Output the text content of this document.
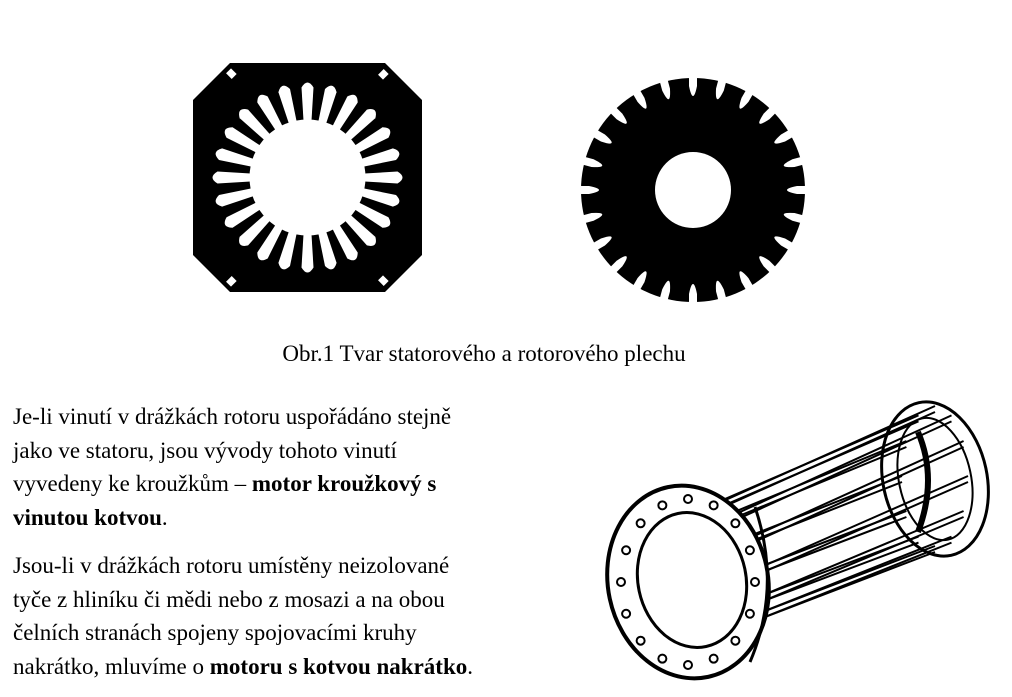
Obr.1 Tvar statorového a rotorového plechu

Je-li vinutí v drážkách rotoru uspořádáno stejně
jako ve statoru, jsou vývody tohoto vinutí
vyvedeny ke kroužkům – motor kroužkový s
vinutou kotvou.

Jsou-li v drážkách rotoru umístěny neizolované
tyče z hliníku či mědi nebo z mosazi a na obou
čelních stranách spojeny spojovacími kruhy
nakrátko, mluvíme o motoru s kotvou nakrátko.
